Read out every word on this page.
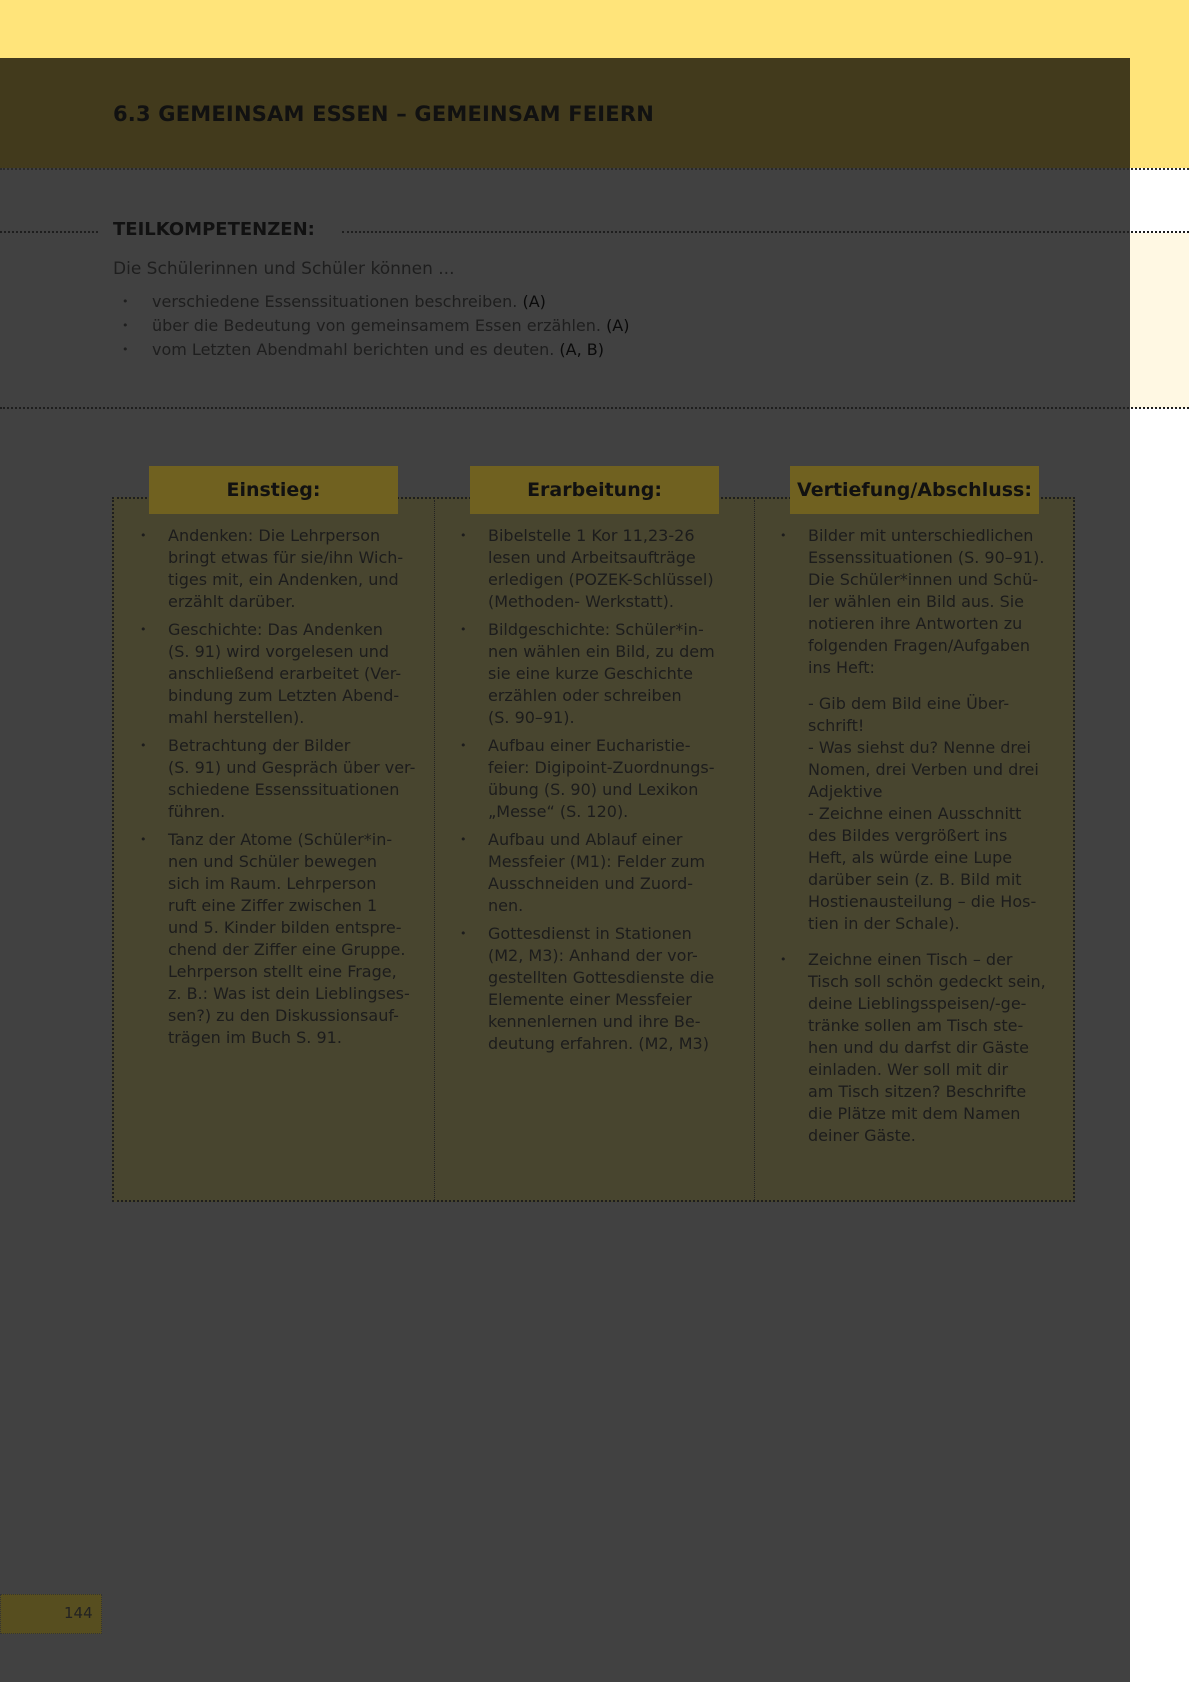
6.3 GEMEINSAM ESSEN – GEMEINSAM FEIERN
TEILKOMPETENZEN:
Die Schülerinnen und Schüler können ...
• verschiedene Essenssituationen beschreiben. (A)
• über die Bedeutung von gemeinsamem Essen erzählen. (A)
• vom Letzten Abendmahl berichten und es deuten. (A, B)
Einstieg:	Erarbeitung:	Vertiefung/Abschluss:

• Andenken: Die Lehrperson

bringt etwas für sie/ihn Wich-

tiges mit, ein Andenken, und

erzählt darüber.

• Geschichte: Das Andenken

(S. 91) wird vorgelesen und

anschließend erarbeitet (Ver-

bindung zum Letzten Abend-

mahl herstellen).

• Betrachtung der Bilder

(S. 91) und Gespräch über ver-

schiedene Essenssituationen

führen.

• Tanz der Atome (Schüler*in-

nen und Schüler bewegen

sich im Raum. Lehrperson

ruft eine Ziffer zwischen 1

und 5. Kinder bilden entspre-

chend der Ziffer eine Gruppe.

Lehrperson stellt eine Frage,

z. B.: Was ist dein Lieblingses-

sen?) zu den Diskussionsauf-

trägen im Buch S. 91.

• Bibelstelle 1 Kor 11,23-26

lesen und Arbeitsaufträge

erledigen (POZEK-Schlüssel)

(Methoden- Werkstatt).

• Bildgeschichte: Schüler*in-

nen wählen ein Bild, zu dem

sie eine kurze Geschichte

erzählen oder schreiben

(S. 90–91).

• Aufbau einer Eucharistie-

feier: Digipoint-Zuordnungs-

übung (S. 90) und Lexikon

„Messe“ (S. 120).

• Aufbau und Ablauf einer

Messfeier (M1): Felder zum

Ausschneiden und Zuord-

nen.

• Gottesdienst in Stationen

(M2, M3): Anhand der vor-

gestellten Gottesdienste die

Elemente einer Messfeier

kennenlernen und ihre Be-

deutung erfahren. (M2, M3)

• Bilder mit unterschiedlichen

Essenssituationen (S. 90–91).

Die Schüler*innen und Schü-

ler wählen ein Bild aus. Sie

notieren ihre Antworten zu

folgenden Fragen/Aufgaben

ins Heft:

- Gib dem Bild eine Über-

schrift!

- Was siehst du? Nenne drei

Nomen, drei Verben und drei

Adjektive

- Zeichne einen Ausschnitt

des Bildes vergrößert ins

Heft, als würde eine Lupe

darüber sein (z. B. Bild mit

Hostienausteilung – die Hos-

tien in der Schale).

• Zeichne einen Tisch – der

Tisch soll schön gedeckt sein,

deine Lieblingsspeisen/-ge-

tränke sollen am Tisch ste-

hen und du darfst dir Gäste

einladen. Wer soll mit dir

am Tisch sitzen? Beschrifte

die Plätze mit dem Namen

deiner Gäste.

144
